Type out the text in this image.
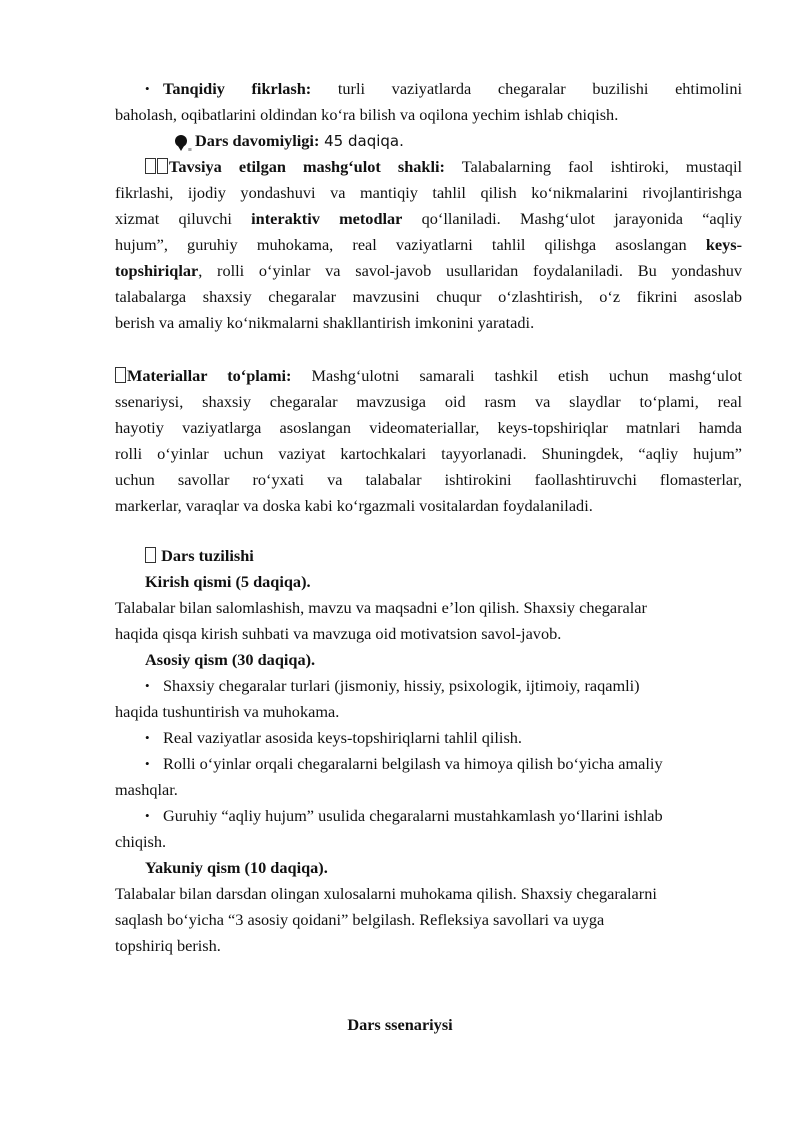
• Tanqidiy fikrlash: turli vaziyatlarda chegaralar buzilishi ehtimolini
baholash, oqibatlarini oldindan ko‘ra bilish va oqilona yechim ishlab chiqish.
≡ Dars davomiyligi: 45 daqiqa.
Tavsiya etilgan mashg‘ulot shakli: Talabalarning faol ishtiroki, mustaqil
fikrlashi, ijodiy yondashuvi va mantiqiy tahlil qilish ko‘nikmalarini rivojlantirishga
xizmat qiluvchi interaktiv metodlar qo‘llaniladi. Mashg‘ulot jarayonida “aqliy
hujum”, guruhiy muhokama, real vaziyatlarni tahlil qilishga asoslangan keys-
topshiriqlar, rolli o‘yinlar va savol-javob usullaridan foydalaniladi. Bu yondashuv
talabalarga shaxsiy chegaralar mavzusini chuqur o‘zlashtirish, o‘z fikrini asoslab
berish va amaliy ko‘nikmalarni shakllantirish imkonini yaratadi.
Materiallar to‘plami: Mashg‘ulotni samarali tashkil etish uchun mashg‘ulot
ssenariysi, shaxsiy chegaralar mavzusiga oid rasm va slaydlar to‘plami, real
hayotiy vaziyatlarga asoslangan videomateriallar, keys-topshiriqlar matnlari hamda
rolli o‘yinlar uchun vaziyat kartochkalari tayyorlanadi. Shuningdek, “aqliy hujum”
uchun savollar ro‘yxati va talabalar ishtirokini faollashtiruvchi flomasterlar,
markerlar, varaqlar va doska kabi ko‘rgazmali vositalardan foydalaniladi.
Dars tuzilishi
Kirish qismi (5 daqiqa).
Talabalar bilan salomlashish, mavzu va maqsadni e’lon qilish. Shaxsiy chegaralar
haqida qisqa kirish suhbati va mavzuga oid motivatsion savol-javob.
Asosiy qism (30 daqiqa).
• Shaxsiy chegaralar turlari (jismoniy, hissiy, psixologik, ijtimoiy, raqamli)
haqida tushuntirish va muhokama.
• Real vaziyatlar asosida keys-topshiriqlarni tahlil qilish.
• Rolli o‘yinlar orqali chegaralarni belgilash va himoya qilish bo‘yicha amaliy
mashqlar.
• Guruhiy “aqliy hujum” usulida chegaralarni mustahkamlash yo‘llarini ishlab
chiqish.
Yakuniy qism (10 daqiqa).
Talabalar bilan darsdan olingan xulosalarni muhokama qilish. Shaxsiy chegaralarni
saqlash bo‘yicha “3 asosiy qoidani” belgilash. Refleksiya savollari va uyga
topshiriq berish.
Dars ssenariysi
